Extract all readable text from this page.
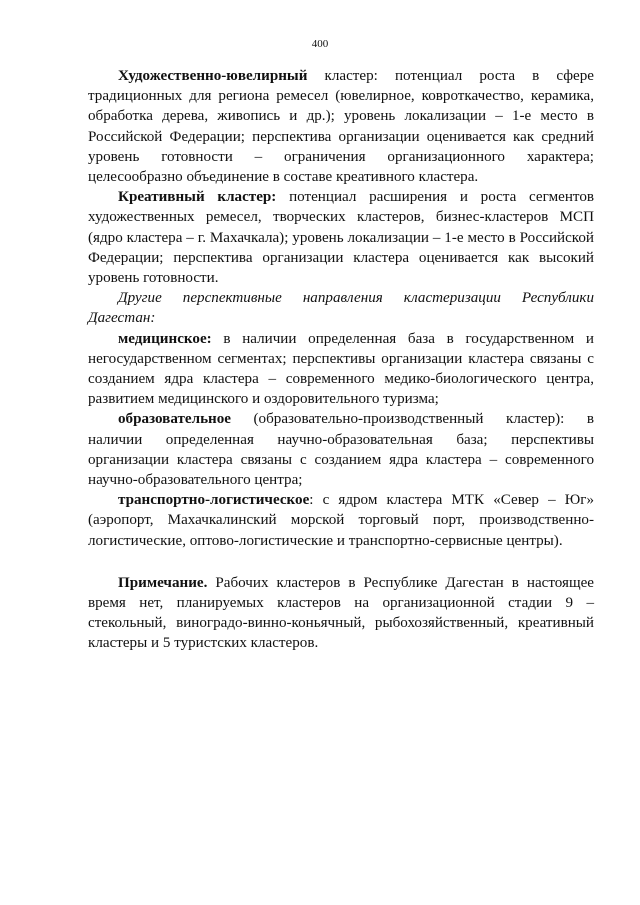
400

Художественно-ювелирный кластер: потенциал роста в сфере традиционных для региона ремесел (ювелирное, ковроткачество, керамика, обработка дерева, живопись и др.); уровень локализации – 1-е место в Российской Федерации; перспектива организации оценивается как средний уровень готовности – ограничения организационного характера; целесообразно объединение в составе креативного кластера.

Креативный кластер: потенциал расширения и роста сегментов художественных ремесел, творческих кластеров, бизнес-кластеров МСП (ядро кластера – г. Махачкала); уровень локализации – 1-е место в Российской Федерации; перспектива организации кластера оценивается как высокий уровень готовности.

Другие перспективные направления кластеризации Республики Дагестан:

медицинское: в наличии определенная база в государственном и негосударственном сегментах; перспективы организации кластера связаны с созданием ядра кластера – современного медико-биологического центра, развитием медицинского и оздоровительного туризма;

образовательное (образовательно-производственный кластер): в наличии определенная научно-образовательная база; перспективы организации кластера связаны с созданием ядра кластера – современного научно-образовательного центра;

транспортно-логистическое: с ядром кластера МТК «Север – Юг» (аэропорт, Махачкалинский морской торговый порт, производственно-логистические, оптово-логистические и транспортно-сервисные центры).

Примечание. Рабочих кластеров в Республике Дагестан в настоящее время нет, планируемых кластеров на организационной стадии 9 – стекольный, виноградо-винно-коньячный, рыбохозяйственный, креативный кластеры и 5 туристских кластеров.
